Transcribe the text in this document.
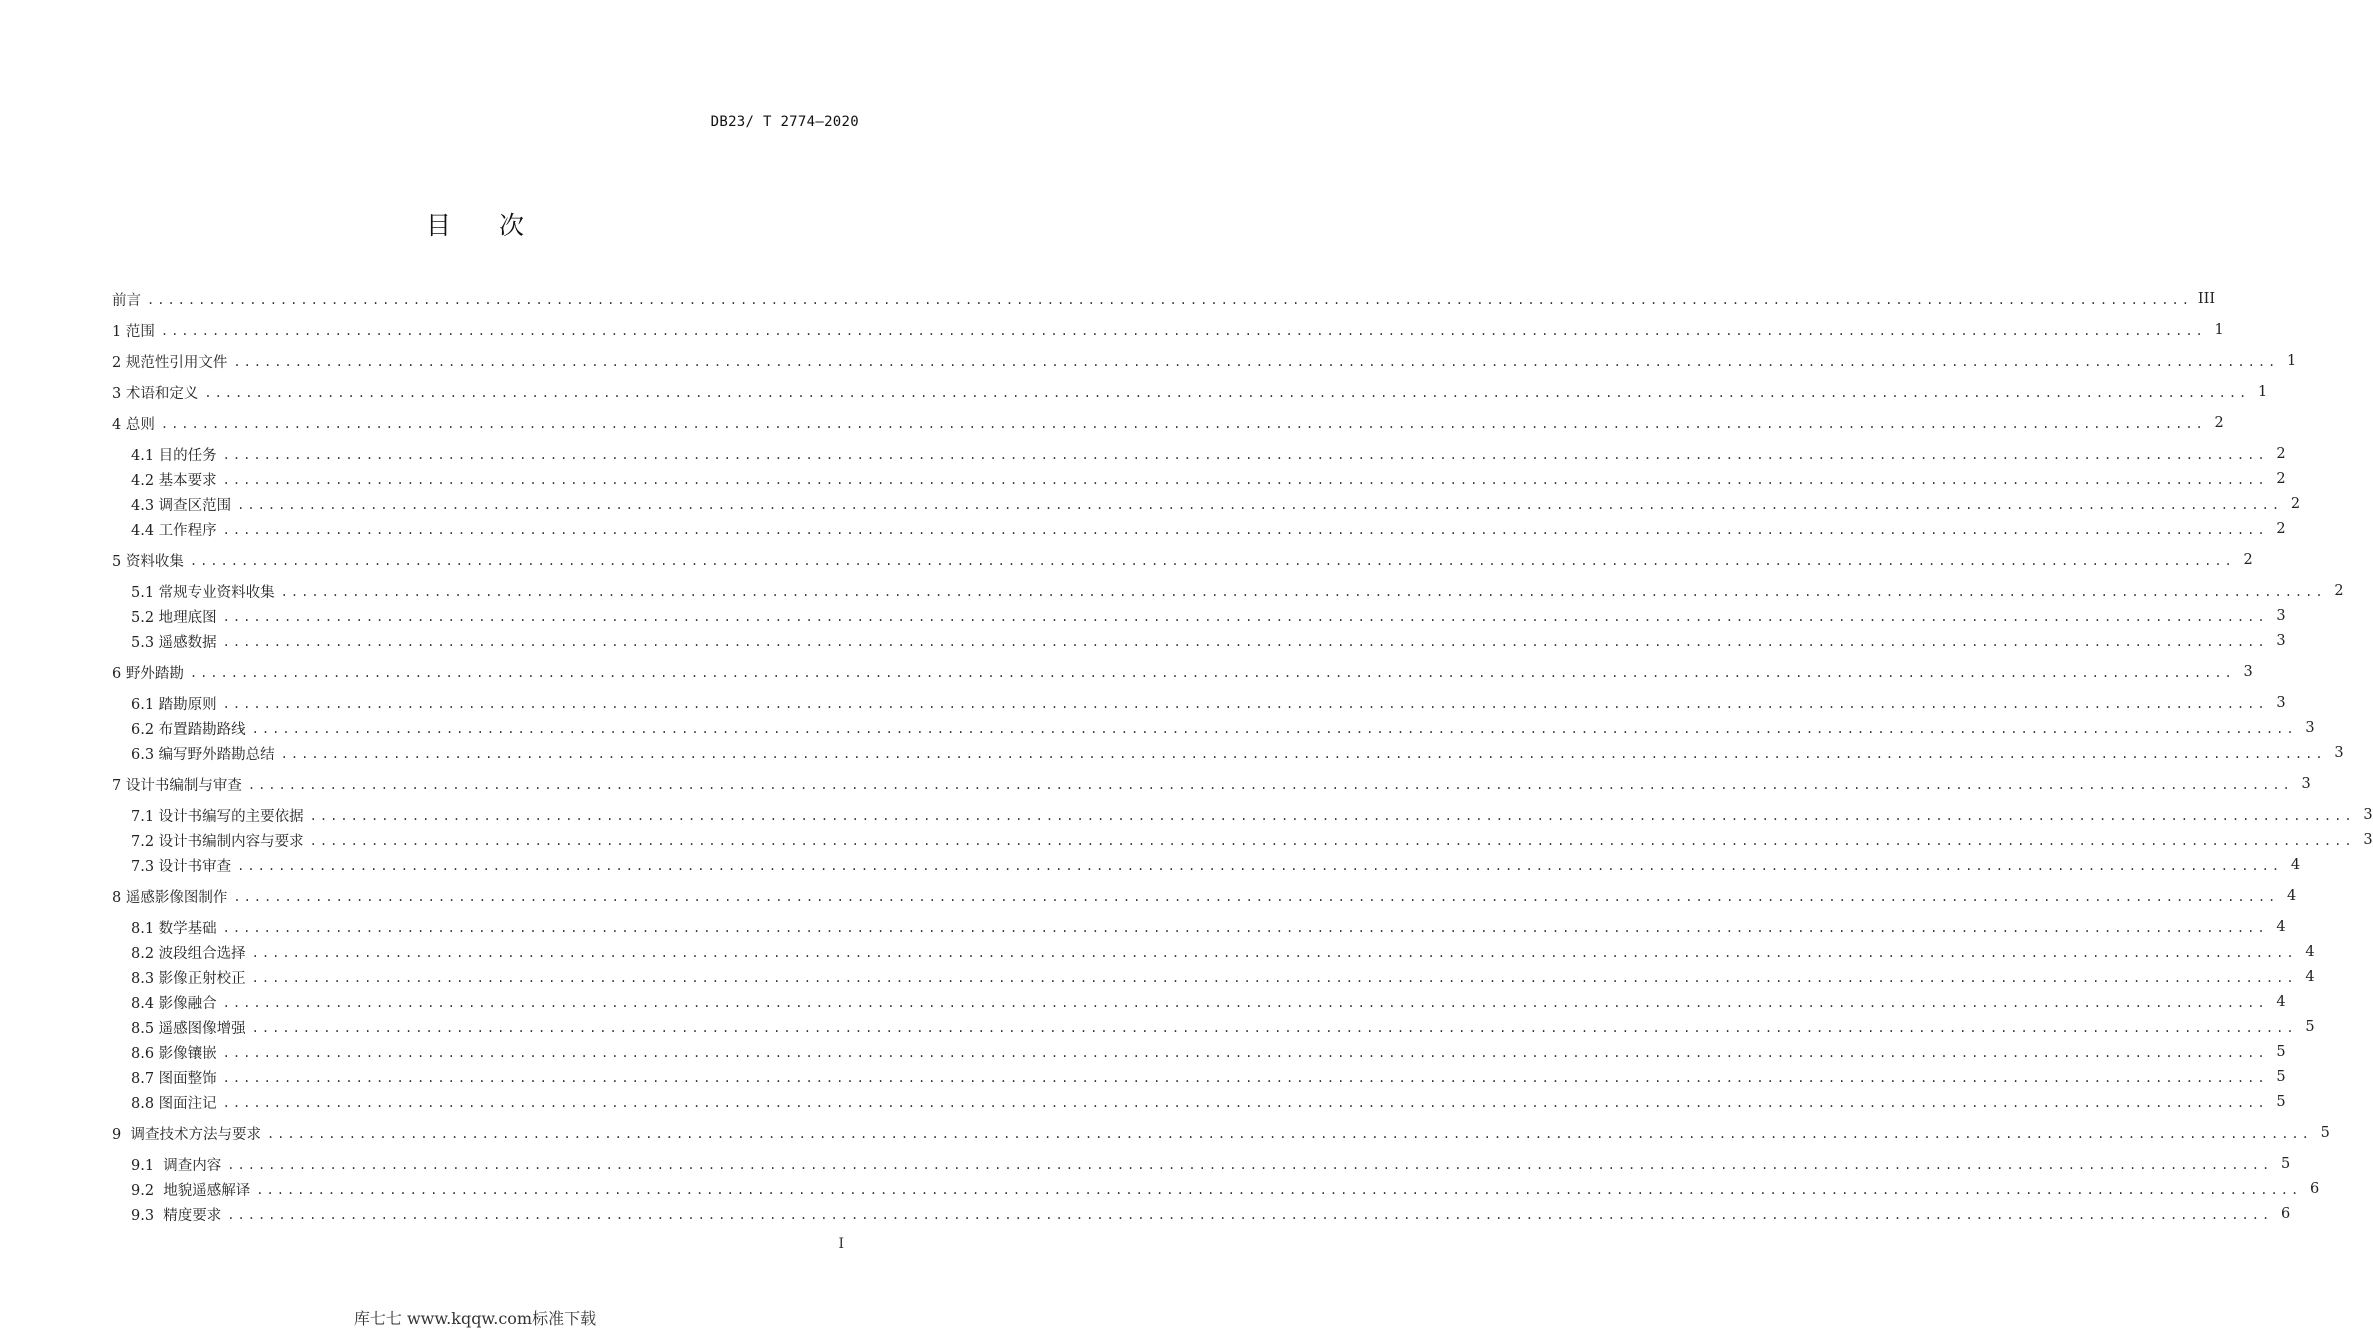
DB23/ T 2774—2020
目 次
前言 ........................................................................................................................................................................................................ III
1 范围 ........................................................................................................................................................................................................ 1
2 规范性引用文件 ........................................................................................................................................................................................................ 1
3 术语和定义 ........................................................................................................................................................................................................ 1
4 总则 ........................................................................................................................................................................................................ 2
4.1 目的任务 ........................................................................................................................................................................................................ 2
4.2 基本要求 ........................................................................................................................................................................................................ 2
4.3 调查区范围 ........................................................................................................................................................................................................ 2
4.4 工作程序 ........................................................................................................................................................................................................ 2
5 资料收集 ........................................................................................................................................................................................................ 2
5.1 常规专业资料收集 ........................................................................................................................................................................................................ 2
5.2 地理底图 ........................................................................................................................................................................................................ 3
5.3 遥感数据 ........................................................................................................................................................................................................ 3
6 野外踏勘 ........................................................................................................................................................................................................ 3
6.1 踏勘原则 ........................................................................................................................................................................................................ 3
6.2 布置踏勘路线 ........................................................................................................................................................................................................ 3
6.3 编写野外踏勘总结 ........................................................................................................................................................................................................ 3
7 设计书编制与审查 ........................................................................................................................................................................................................ 3
7.1 设计书编写的主要依据 ........................................................................................................................................................................................................ 3
7.2 设计书编制内容与要求 ........................................................................................................................................................................................................ 3
7.3 设计书审查 ........................................................................................................................................................................................................ 4
8 遥感影像图制作 ........................................................................................................................................................................................................ 4
8.1 数学基础 ........................................................................................................................................................................................................ 4
8.2 波段组合选择 ........................................................................................................................................................................................................ 4
8.3 影像正射校正 ........................................................................................................................................................................................................ 4
8.4 影像融合 ........................................................................................................................................................................................................ 4
8.5 遥感图像增强 ........................................................................................................................................................................................................ 5
8.6 影像镶嵌 ........................................................................................................................................................................................................ 5
8.7 图面整饰 ........................................................................................................................................................................................................ 5
8.8 图面注记 ........................................................................................................................................................................................................ 5
9  调查技术方法与要求 ........................................................................................................................................................................................................ 5
9.1  调查内容 ........................................................................................................................................................................................................ 5
9.2  地貌遥感解译 ........................................................................................................................................................................................................ 6
9.3  精度要求 ........................................................................................................................................................................................................ 6
I
库七七 www.kqqw.com标准下载
